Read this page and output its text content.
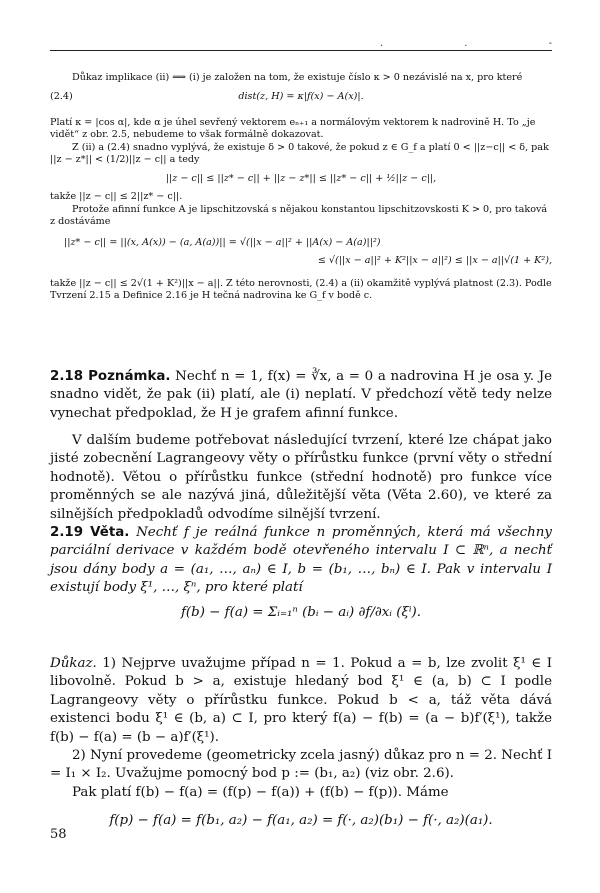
.	.	-

Důkaz implikace (ii) ⟹ (i) je založen na tom, že existuje číslo κ > 0 nezávislé na x, pro které

(2.4)	dist(z, H) = κ|f(x) − A(x)|.

Platí κ = |cos α|, kde α je úhel sevřený vektorem eₙ₊₁ a normálovým vektorem k nadrovině H. To „je vidět“ z obr. 2.5, nebudeme to však formálně dokazovat.

Z (ii) a (2.4) snadno vyplývá, že existuje δ > 0 takové, že pokud z ∈ G_f a platí 0 < ||z−c|| < δ, pak ||z − z*|| < (1/2)||z − c|| a tedy

||z − c|| ≤ ||z* − c|| + ||z − z*|| ≤ ||z* − c|| + ½||z − c||,

takže ||z − c|| ≤ 2||z* − c||.

Protože afinní funkce A je lipschitzovská s nějakou konstantou lipschitzovskosti K > 0, pro taková z dostáváme

||z* − c|| = ||(x, A(x)) − (a, A(a))|| = √(||x − a||² + ||A(x) − A(a)||²)
≤ √(||x − a||² + K²||x − a||²) ≤ ||x − a||√(1 + K²),

takže ||z − c|| ≤ 2√(1 + K²)||x − a||. Z této nerovnosti, (2.4) a (ii) okamžitě vyplývá platnost (2.3). Podle Tvrzení 2.15 a Definice 2.16 je H tečná nadrovina ke G_f v bodě c.

2.18 Poznámka. Nechť n = 1, f(x) = ∛x, a = 0 a nadrovina H je osa y. Je snadno vidět, že pak (ii) platí, ale (i) neplatí. V předchozí větě tedy nelze vynechat předpoklad, že H je grafem afinní funkce.

V dalším budeme potřebovat následující tvrzení, které lze chápat jako jisté zobecnění Lagrangeovy věty o přírůstku funkce (první věty o střední hodnotě). Větou o přírůstku funkce (střední hodnotě) pro funkce více proměnných se ale nazývá jiná, důležitější věta (Věta 2.60), ve které za silnějších předpokladů odvodíme silnější tvrzení.

2.19 Věta. Nechť f je reálná funkce n proměnných, která má všechny parciální derivace v každém bodě otevřeného intervalu I ⊂ ℝⁿ, a nechť jsou dány body a = (a₁, …, aₙ) ∈ I, b = (b₁, …, bₙ) ∈ I. Pak v intervalu I existují body ξ¹, …, ξⁿ, pro které platí

f(b) − f(a) = Σᵢ₌₁ⁿ (bᵢ − aᵢ) ∂f/∂xᵢ (ξⁱ).

Důkaz. 1) Nejprve uvažujme případ n = 1. Pokud a = b, lze zvolit ξ¹ ∈ I libovolně. Pokud b > a, existuje hledaný bod ξ¹ ∈ (a, b) ⊂ I podle Lagrangeovy věty o přírůstku funkce. Pokud b < a, táž věta dává existenci bodu ξ¹ ∈ (b, a) ⊂ I, pro který f(a) − f(b) = (a − b)f′(ξ¹), takže f(b) − f(a) = (b − a)f′(ξ¹).

2) Nyní provedeme (geometricky zcela jasný) důkaz pro n = 2. Nechť I = I₁ × I₂. Uvažujme pomocný bod p := (b₁, a₂) (viz obr. 2.6).

Pak platí f(b) − f(a) = (f(p) − f(a)) + (f(b) − f(p)). Máme

f(p) − f(a) = f(b₁, a₂) − f(a₁, a₂) = f(·, a₂)(b₁) − f(·, a₂)(a₁).
58
